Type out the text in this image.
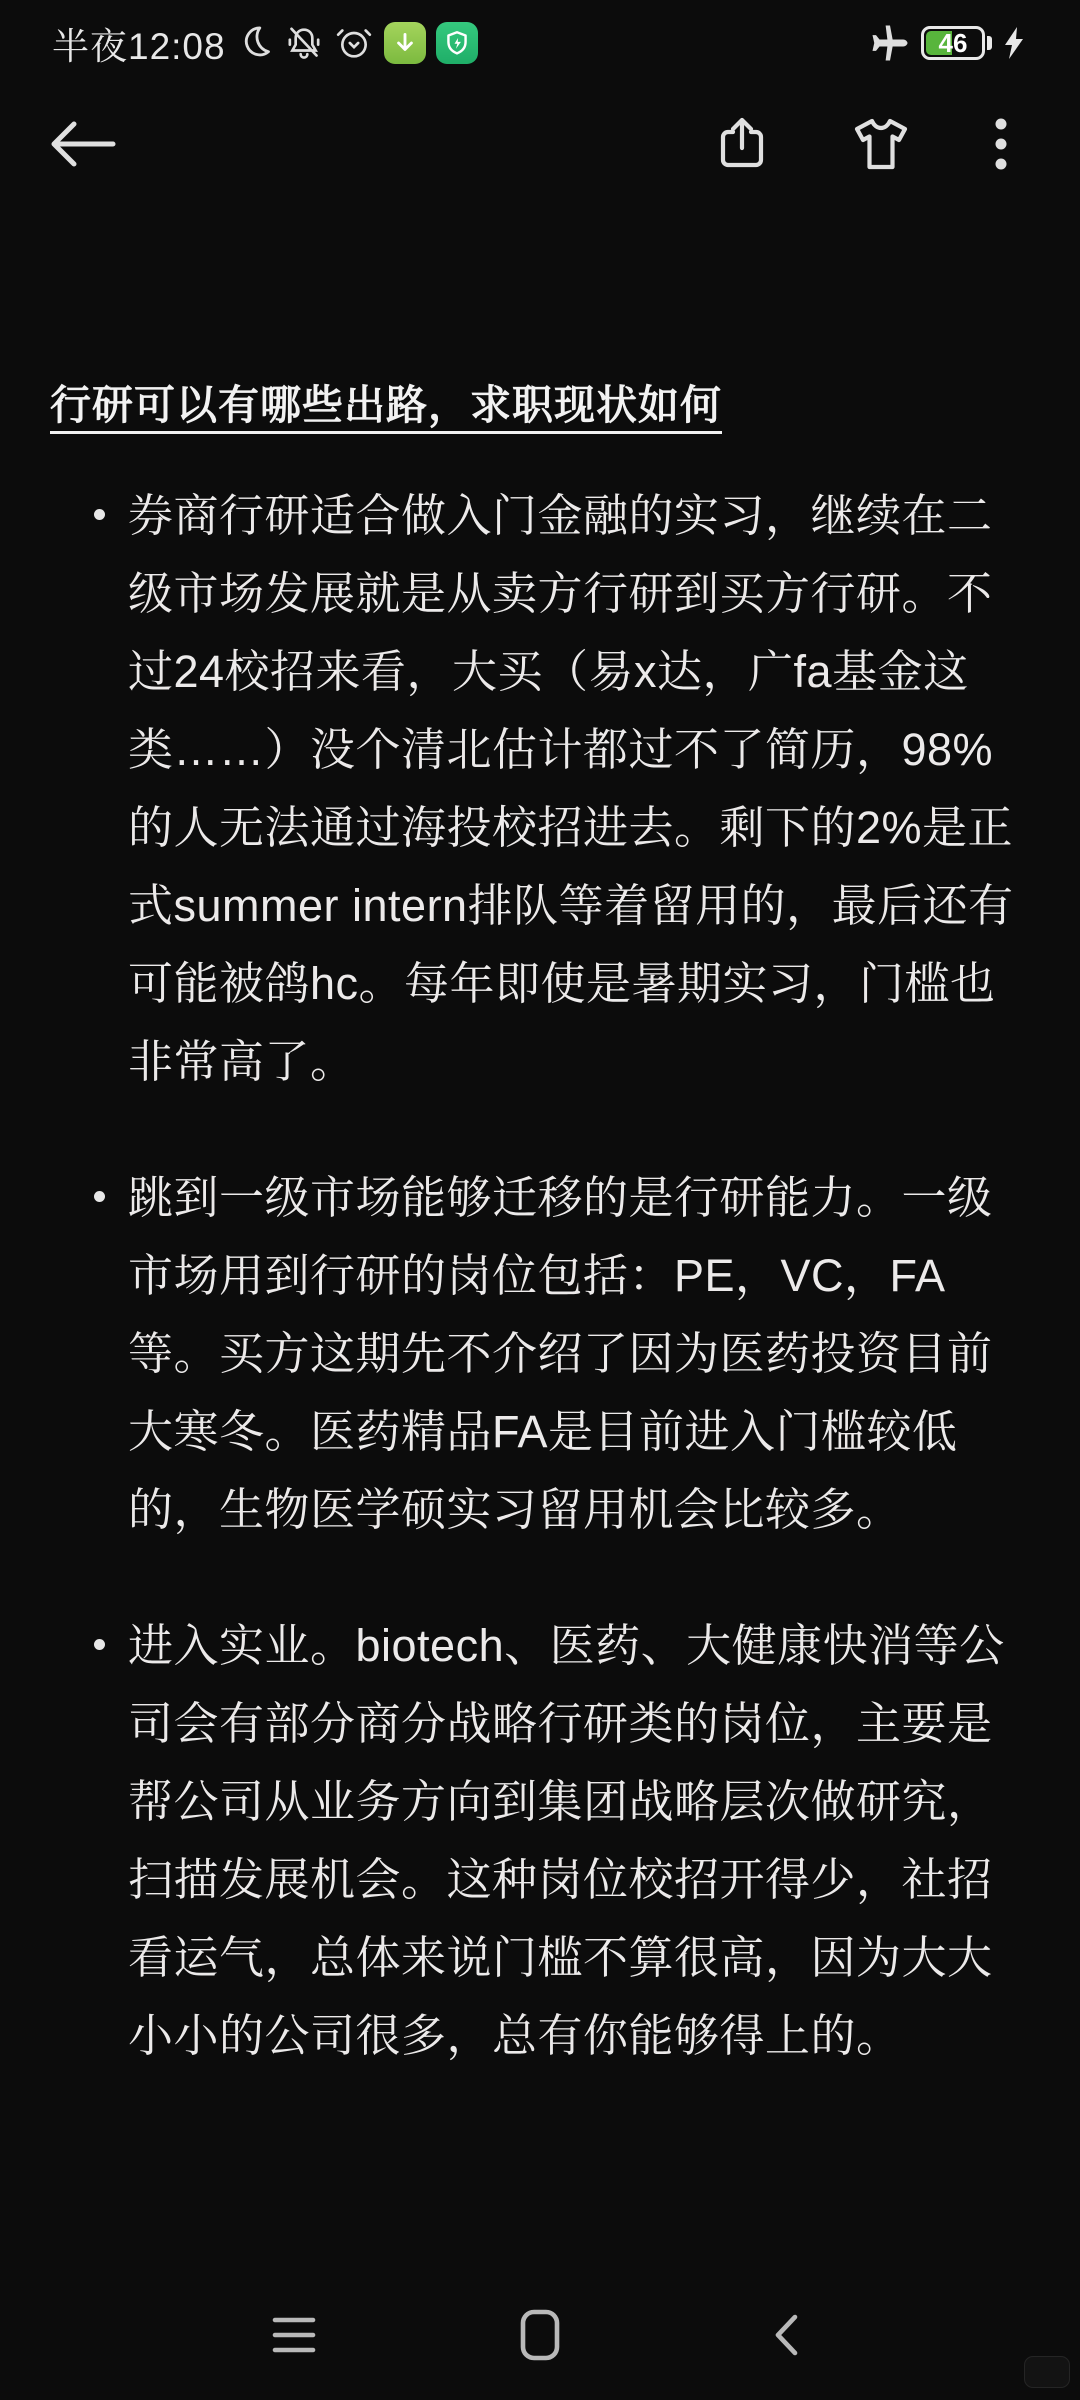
半夜12:08	46
行研可以有哪些出路，求职现状如何
券商行研适合做入门金融的实习，继续在二级市场发展就是从卖方行研到买方行研。不过24校招来看，大买（易x达，广fa基金这类……）没个清北估计都过不了简历，98%的人无法通过海投校招进去。剩下的2%是正式summer intern排队等着留用的，最后还有可能被鸽hc。每年即使是暑期实习，门槛也非常高了。
跳到一级市场能够迁移的是行研能力。一级市场用到行研的岗位包括：PE，VC，FA等。买方这期先不介绍了因为医药投资目前大寒冬。医药精品FA是目前进入门槛较低的，生物医学硕实习留用机会比较多。
进入实业。biotech、医药、大健康快消等公司会有部分商分战略行研类的岗位，主要是帮公司从业务方向到集团战略层次做研究，扫描发展机会。这种岗位校招开得少，社招看运气，总体来说门槛不算很高，因为大大小小的公司很多，总有你能够得上的。
